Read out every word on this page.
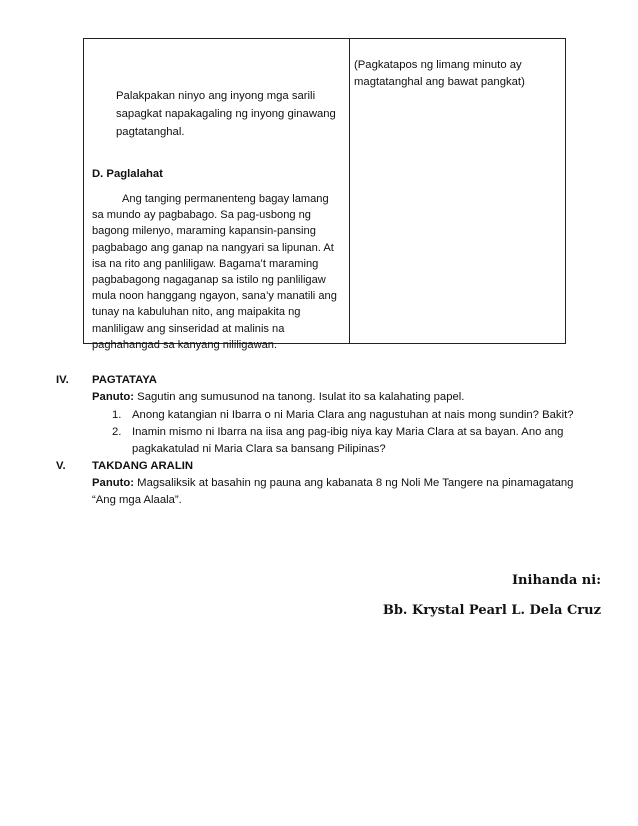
Palakpakan ninyo ang inyong mga sarili sapagkat napakagaling ng inyong ginawang pagtatanghal.
D. Paglalahat
Ang tanging permanenteng bagay lamang sa mundo ay pagbabago. Sa pag-usbong ng bagong milenyo, maraming kapansin-pansing pagbabago ang ganap na nangyari sa lipunan. At isa na rito ang panliligaw. Bagama’t maraming pagbabagong nagaganap sa istilo ng panliligaw mula noon hanggang ngayon, sana’y manatili ang tunay na kabuluhan nito, ang maipakita ng manliligaw ang sinseridad at malinis na paghahangad sa kanyang nililigawan.
(Pagkatapos ng limang minuto ay magtatanghal ang bawat pangkat)
IV. PAGTATAYA
Panuto: Sagutin ang sumusunod na tanong. Isulat ito sa kalahating papel.
1. Anong katangian ni Ibarra o ni Maria Clara ang nagustuhan at nais mong sundin? Bakit?
2. Inamin mismo ni Ibarra na iisa ang pag-ibig niya kay Maria Clara at sa bayan. Ano ang
pagkakatulad ni Maria Clara sa bansang Pilipinas?
V. TAKDANG ARALIN
Panuto: Magsaliksik at basahin ng pauna ang kabanata 8 ng Noli Me Tangere na pinamagatang
“Ang mga Alaala”.
Inihanda ni:
Bb. Krystal Pearl L. Dela Cruz
